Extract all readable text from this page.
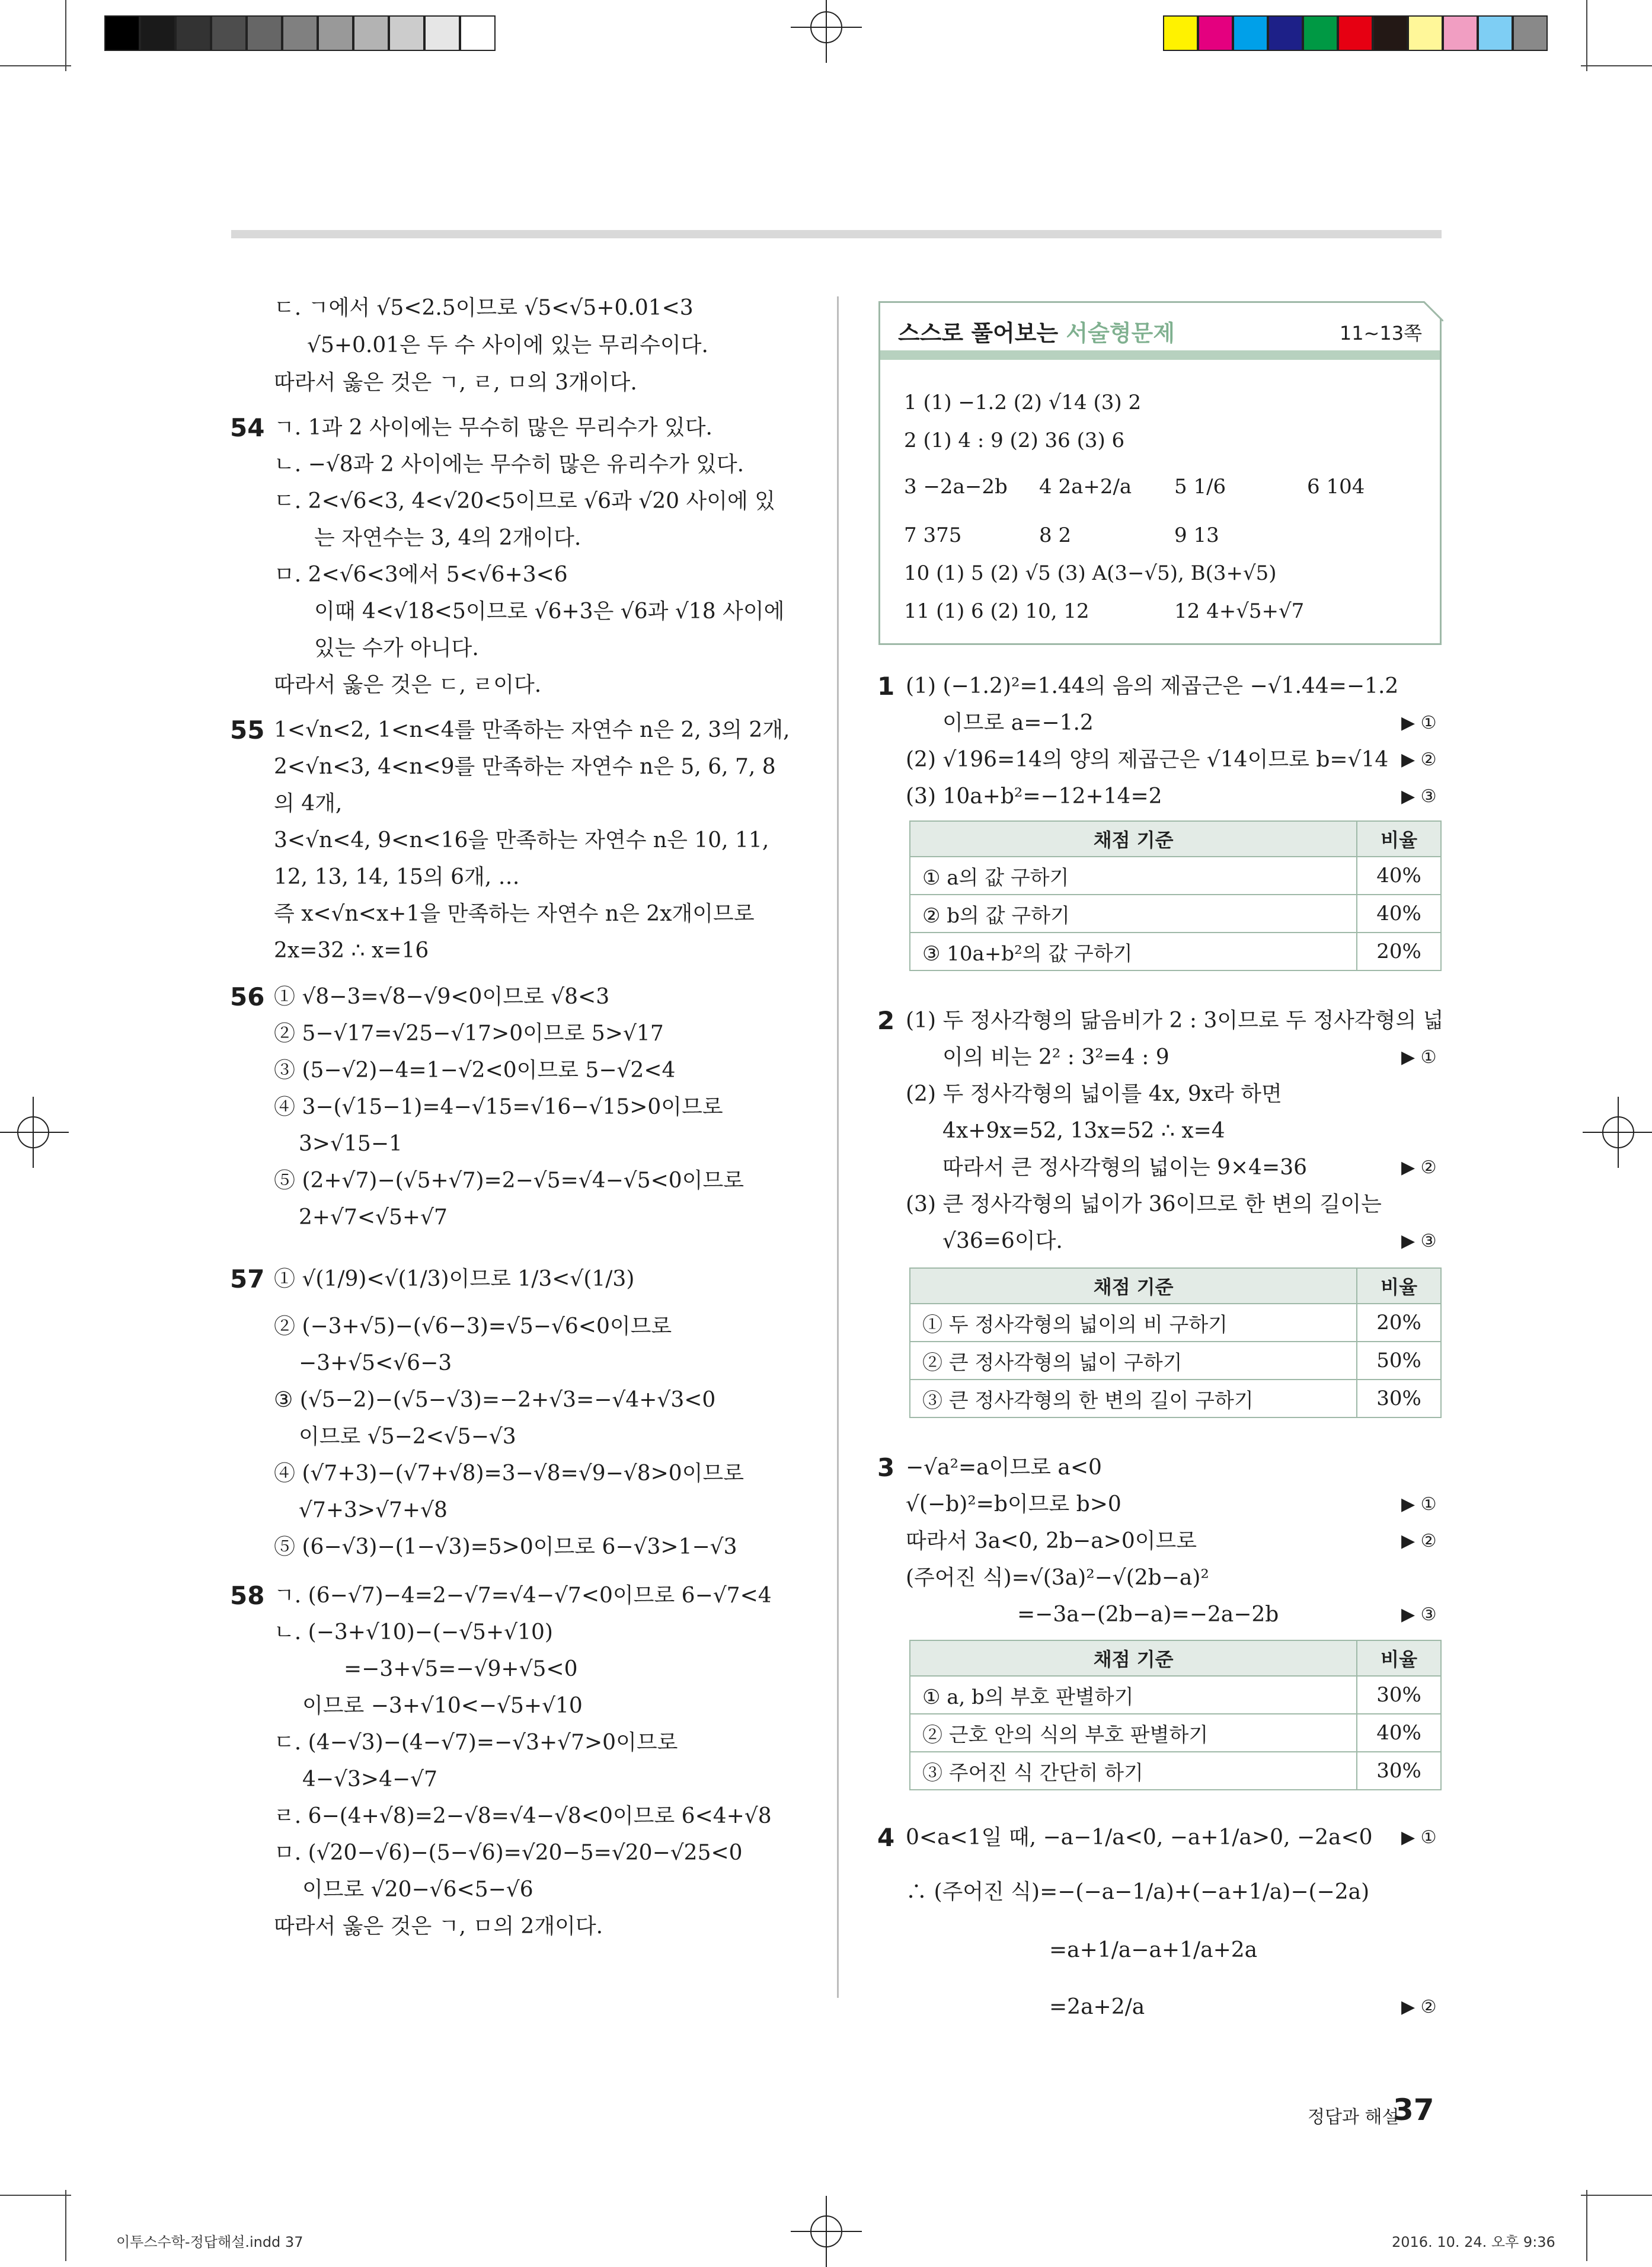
ㄷ. ㄱ에서 √5<2.5이므로 √5<√5+0.01<3
√5+0.01은 두 수 사이에 있는 무리수이다.
따라서 옳은 것은 ㄱ, ㄹ, ㅁ의 3개이다.
54 ㄱ. 1과 2 사이에는 무수히 많은 무리수가 있다.
ㄴ. −√8과 2 사이에는 무수히 많은 유리수가 있다.
ㄷ. 2<√6<3, 4<√20<5이므로 √6과 √20 사이에 있
는 자연수는 3, 4의 2개이다.
ㅁ. 2<√6<3에서 5<√6+3<6
이때 4<√18<5이므로 √6+3은 √6과 √18 사이에
있는 수가 아니다.
따라서 옳은 것은 ㄷ, ㄹ이다.
55 1<√n<2, 1<n<4를 만족하는 자연수 n은 2, 3의 2개,
2<√n<3, 4<n<9를 만족하는 자연수 n은 5, 6, 7, 8
의 4개,
3<√n<4, 9<n<16을 만족하는 자연수 n은 10, 11,
12, 13, 14, 15의 6개, …
즉 x<√n<x+1을 만족하는 자연수 n은 2x개이므로
2x=32 ∴ x=16
56 ① √8−3=√8−√9<0이므로 √8<3
② 5−√17=√25−√17>0이므로 5>√17
③ (5−√2)−4=1−√2<0이므로 5−√2<4
④ 3−(√15−1)=4−√15=√16−√15>0이므로
3>√15−1
⑤ (2+√7)−(√5+√7)=2−√5=√4−√5<0이므로
2+√7<√5+√7
57 ① √(1/9)<√(1/3)이므로 1/3<√(1/3)
② (−3+√5)−(√6−3)=√5−√6<0이므로
−3+√5<√6−3
③ (√5−2)−(√5−√3)=−2+√3=−√4+√3<0
이므로 √5−2<√5−√3
④ (√7+3)−(√7+√8)=3−√8=√9−√8>0이므로
√7+3>√7+√8
⑤ (6−√3)−(1−√3)=5>0이므로 6−√3>1−√3
58 ㄱ. (6−√7)−4=2−√7=√4−√7<0이므로 6−√7<4
ㄴ. (−3+√10)−(−√5+√10)
=−3+√5=−√9+√5<0
이므로 −3+√10<−√5+√10
ㄷ. (4−√3)−(4−√7)=−√3+√7>0이므로
4−√3>4−√7
ㄹ. 6−(4+√8)=2−√8=√4−√8<0이므로 6<4+√8
ㅁ. (√20−√6)−(5−√6)=√20−5=√20−√25<0
이므로 √20−√6<5−√6
따라서 옳은 것은 ㄱ, ㅁ의 2개이다.
스스로 풀어보는 서술형문제	11∼13쪽
1 (1) −1.2 (2) √14 (3) 2
2 (1) 4 : 9 (2) 36 (3) 6
3 −2a−2b 4 2a+2/a 5 1/6	6 104
7 375	8 2	9 13
10 (1) 5 (2) √5 (3) A(3−√5), B(3+√5)
11 (1) 6 (2) 10, 12	12 4+√5+√7
1 (1) (−1.2)²=1.44의 음의 제곱근은 −√1.44=−1.2
이므로 a=−1.2
(2) √196=14의 양의 제곱근은 √14이므로 b=√14
(3) 10a+b²=−12+14=2
▶ ①
▶ ②
▶ ③
채점 기준	비율
① a의 값 구하기	40%
② b의 값 구하기	40%
③ 10a+b²의 값 구하기	20%
2 (1) 두 정사각형의 닮음비가 2 : 3이므로 두 정사각형의 넓
이의 비는 2² : 3²=4 : 9
(2) 두 정사각형의 넓이를 4x, 9x라 하면
4x+9x=52, 13x=52 ∴ x=4
따라서 큰 정사각형의 넓이는 9×4=36
(3) 큰 정사각형의 넓이가 36이므로 한 변의 길이는
√36=6이다.
▶ ①
▶ ②
▶ ③
채점 기준	비율
① 두 정사각형의 넓이의 비 구하기	20%
② 큰 정사각형의 넓이 구하기	50%
③ 큰 정사각형의 한 변의 길이 구하기	30%
3 −√a²=a이므로 a<0
√(−b)²=b이므로 b>0
따라서 3a<0, 2b−a>0이므로
(주어진 식)=√(3a)²−√(2b−a)²
=−3a−(2b−a)=−2a−2b
▶ ①
▶ ②
▶ ③
채점 기준	비율
① a, b의 부호 판별하기	30%
② 근호 안의 식의 부호 판별하기	40%
③ 주어진 식 간단히 하기	30%
4 0<a<1일 때, −a−1/a<0, −a+1/a>0, −2a<0
∴ (주어진 식)=−(−a−1/a)+(−a+1/a)−(−2a)
=a+1/a−a+1/a+2a
=2a+2/a
▶ ①
▶ ②
정답과 해설
37
이투스수학-정답해설.indd 37	2016. 10. 24. 오후 9:36
